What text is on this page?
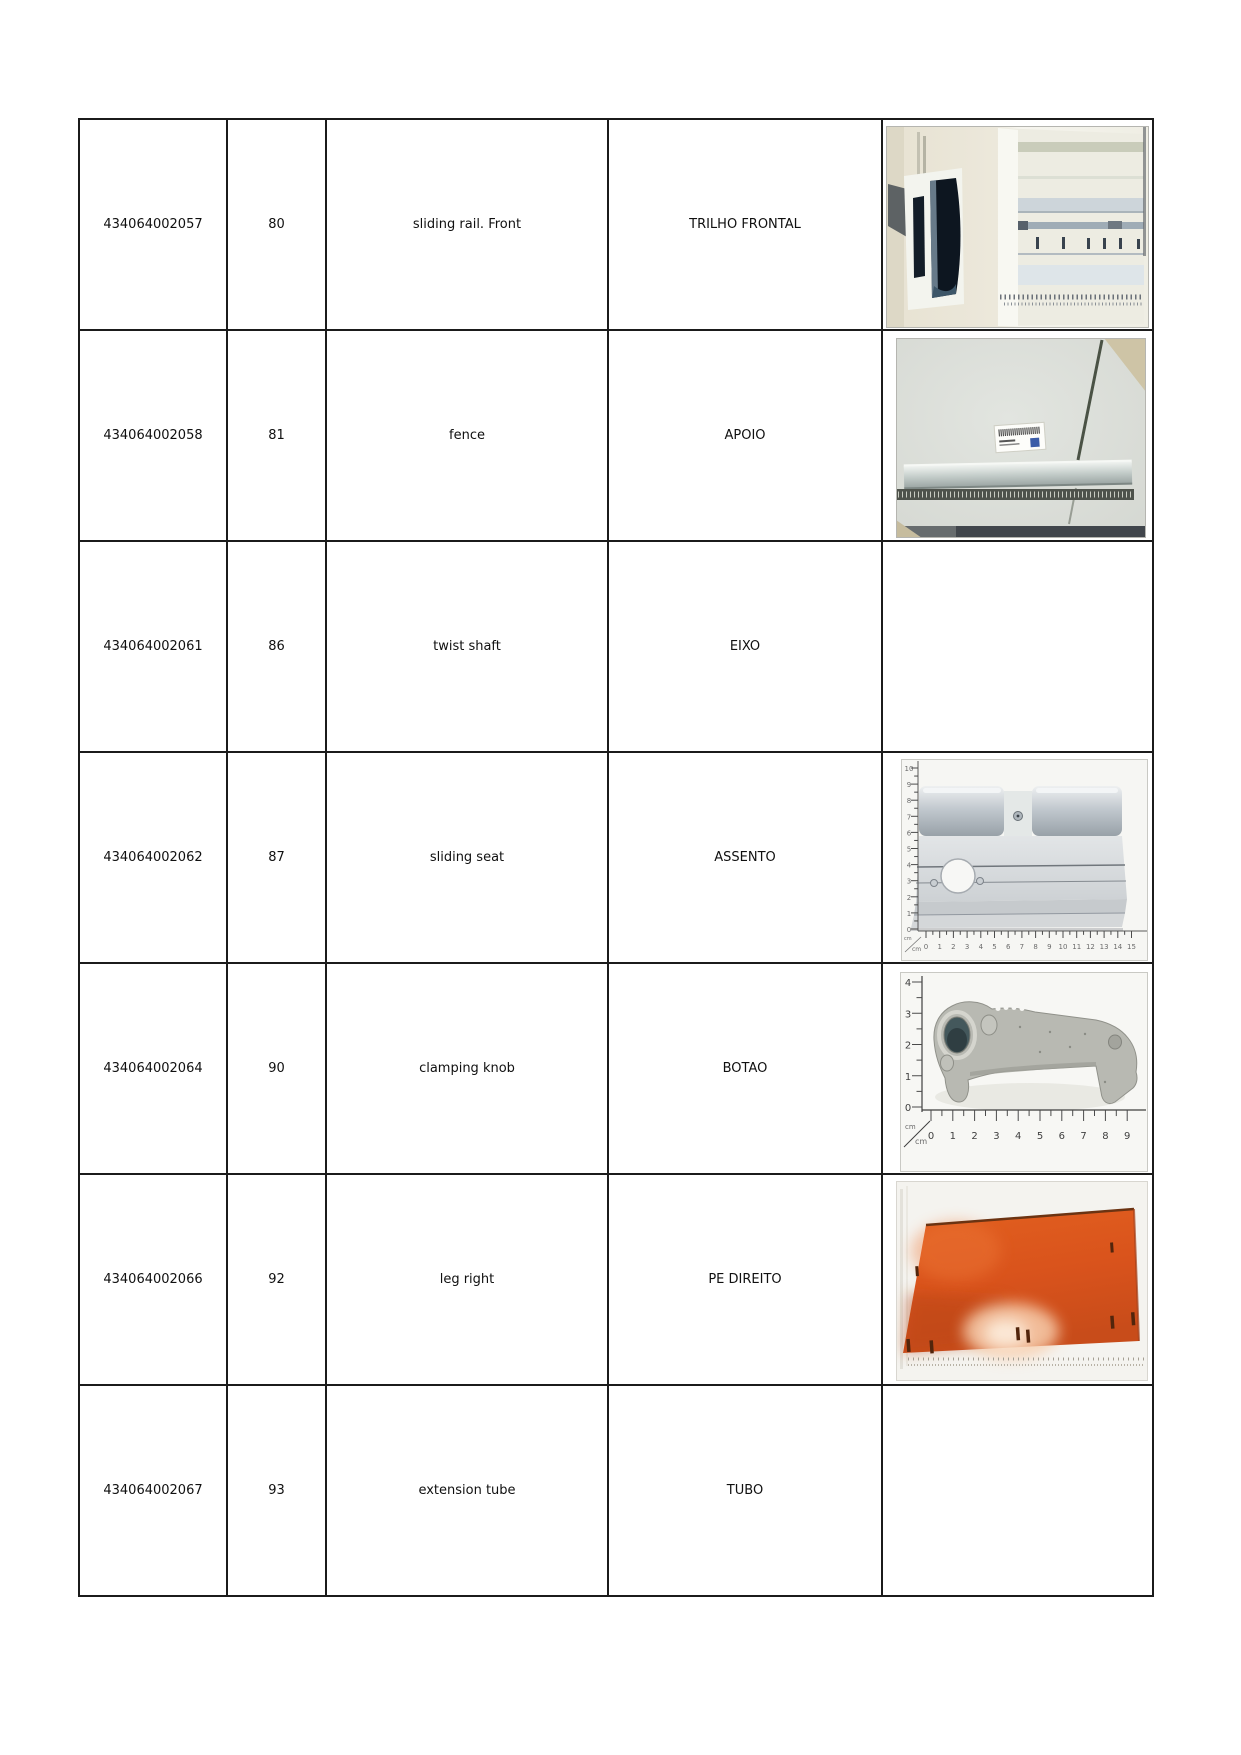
434064002057	80	sliding rail. Front	TRILHO FRONTAL	

434064002058	81	fence	APOIO	

434064002061	86	twist shaft	EIXO	
434064002062	87	sliding seat	ASSENTO	
10
9
8
7
6
5
4
3
2
1
0
0 1 2 3 4 5 6 7 8 9 10 11 12 13 14 15
cm
cm

434064002064	90	clamping knob	BOTAO	
4
3
2
1
0
0 1 2 3 4 5 6 7 8 9
cm
cm

434064002066	92	leg right	PE DIREITO	

434064002067	93	extension tube	TUBO	
